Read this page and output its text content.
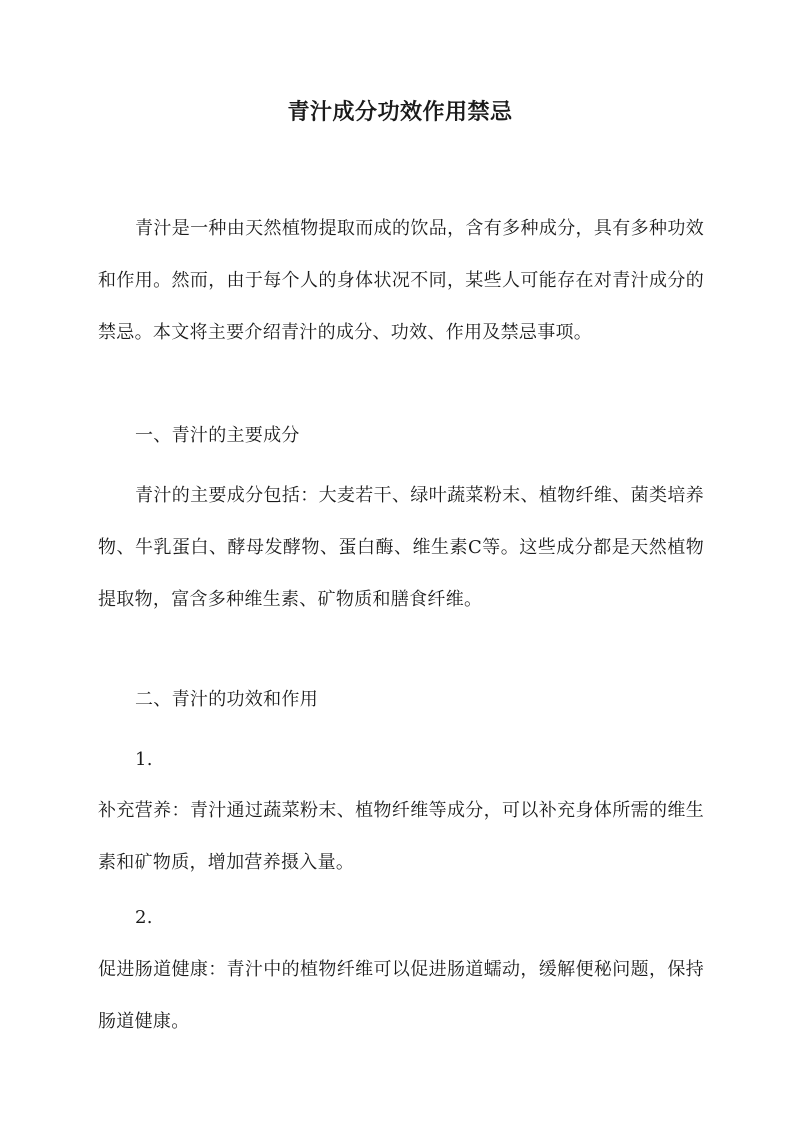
青汁成分功效作用禁忌

青汁是一种由天然植物提取而成的饮品，含有多种成分，具有多种功效和作用。然而，由于每个人的身体状况不同，某些人可能存在对青汁成分的禁忌。本文将主要介绍青汁的成分、功效、作用及禁忌事项。

一、青汁的主要成分

青汁的主要成分包括：大麦若干、绿叶蔬菜粉末、植物纤维、菌类培养物、牛乳蛋白、酵母发酵物、蛋白酶、维生素C等。这些成分都是天然植物提取物，富含多种维生素、矿物质和膳食纤维。

二、青汁的功效和作用
1.

补充营养：青汁通过蔬菜粉末、植物纤维等成分，可以补充身体所需的维生素和矿物质，增加营养摄入量。

2.

促进肠道健康：青汁中的植物纤维可以促进肠道蠕动，缓解便秘问题，保持肠道健康。
